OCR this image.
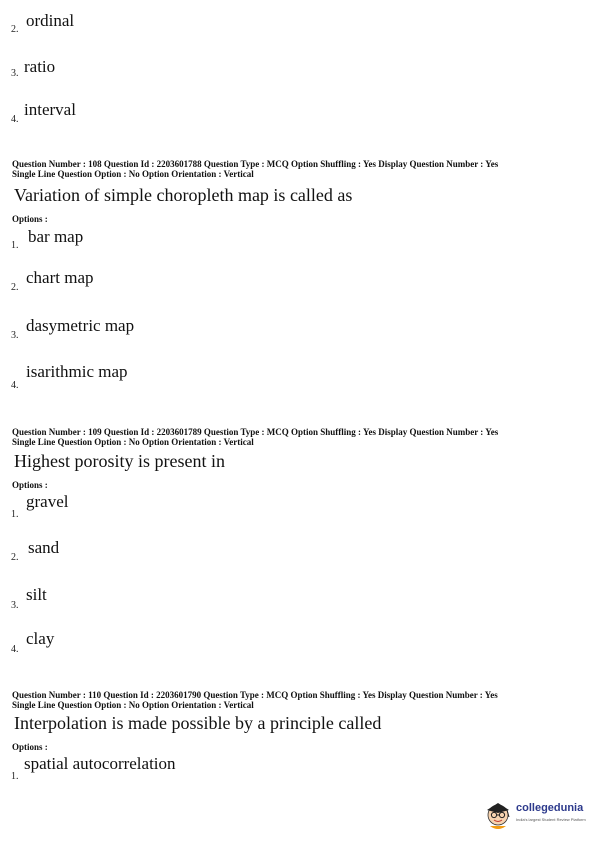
2. ordinal
3. ratio
4.
interval
Question Number : 108 Question Id : 2203601788 Question Type : MCQ Option Shuffling : Yes Display Question Number : Yes
Single Line Question Option : No Option Orientation : Vertical
Variation of simple choropleth map is called as
Options :
1. bar map
2.
chart map
3.
dasymetric map
4.
isarithmic map
Question Number : 109 Question Id : 2203601789 Question Type : MCQ Option Shuffling : Yes Display Question Number : Yes
Single Line Question Option : No Option Orientation : Vertical
Highest porosity is present in
Options :
1.
gravel
2.
sand
3.
silt
4.
clay
Question Number : 110 Question Id : 2203601790 Question Type : MCQ Option Shuffling : Yes Display Question Number : Yes
Single Line Question Option : No Option Orientation : Vertical
Interpolation is made possible by a principle called
Options :
1.
spatial autocorrelation
collegedunia
India's largest Student Review Platform
